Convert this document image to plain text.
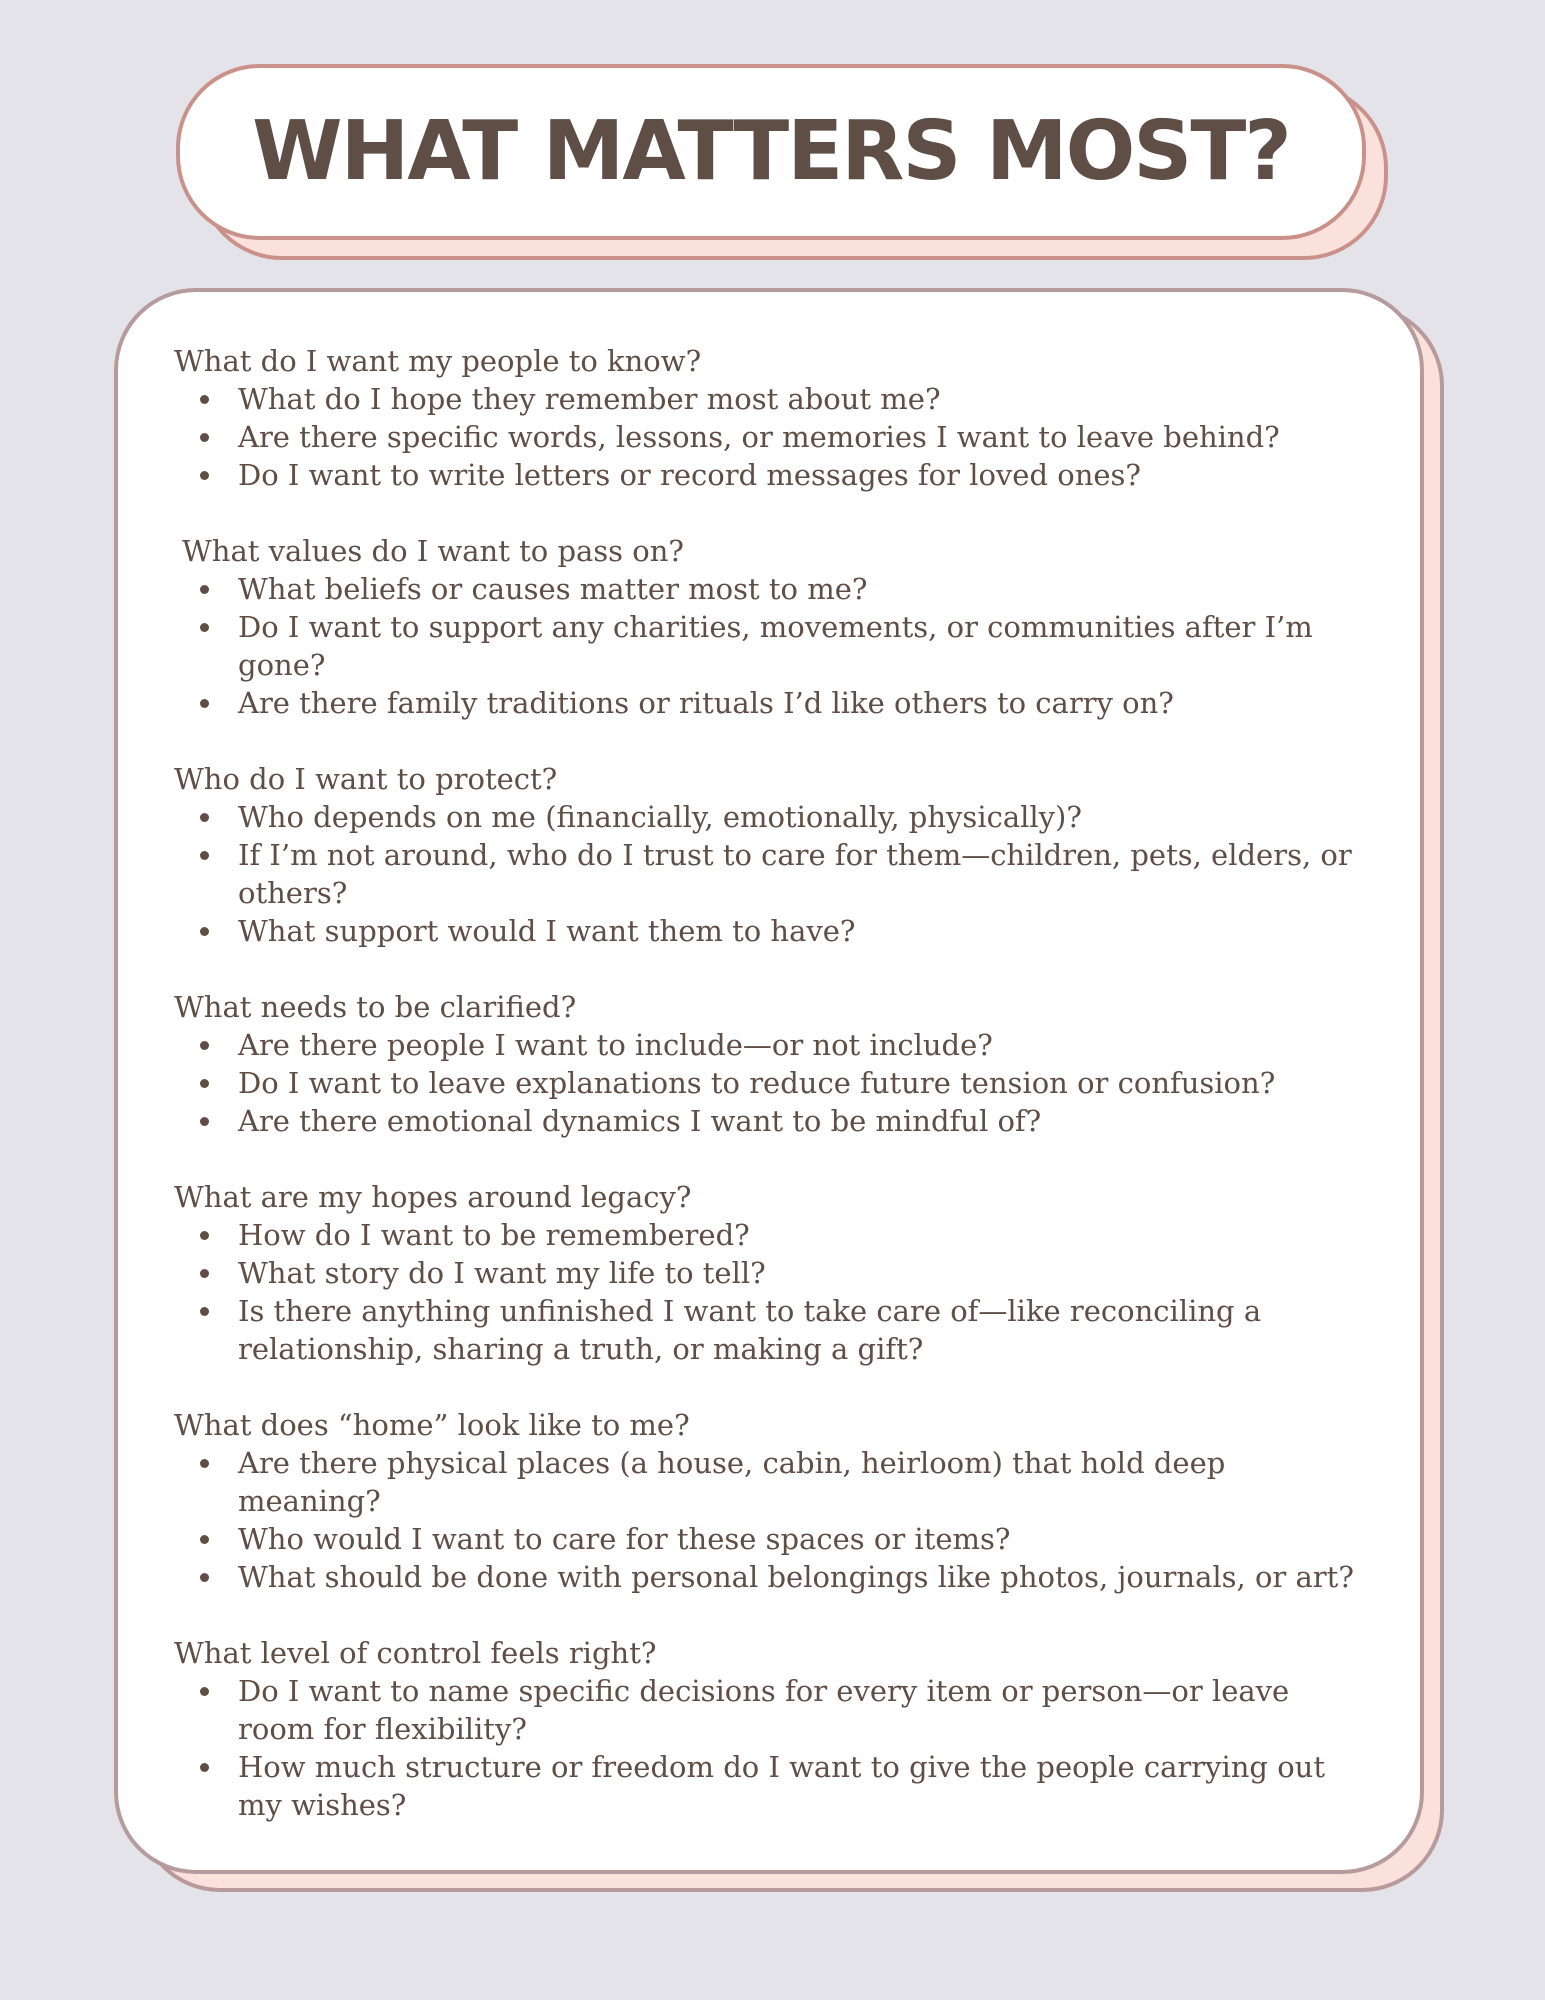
WHAT MATTERS MOST?

What do I want my people to know?

What do I hope they remember most about me?
Are there specific words, lessons, or memories I want to leave behind?
Do I want to write letters or record messages for loved ones?

What values do I want to pass on?

What beliefs or causes matter most to me?
Do I want to support any charities, movements, or communities after I’m gone?
Are there family traditions or rituals I’d like others to carry on?

Who do I want to protect?

Who depends on me (financially, emotionally, physically)?
If I’m not around, who do I trust to care for them—children, pets, elders, or others?
What support would I want them to have?

What needs to be clarified?

Are there people I want to include—or not include?
Do I want to leave explanations to reduce future tension or confusion?
Are there emotional dynamics I want to be mindful of?

What are my hopes around legacy?

How do I want to be remembered?
What story do I want my life to tell?
Is there anything unfinished I want to take care of—like reconciling a relationship, sharing a truth, or making a gift?

What does “home” look like to me?

Are there physical places (a house, cabin, heirloom) that hold deep meaning?
Who would I want to care for these spaces or items?
What should be done with personal belongings like photos, journals, or art?

What level of control feels right?

Do I want to name specific decisions for every item or person—or leave room for flexibility?
How much structure or freedom do I want to give the people carrying out my wishes?
